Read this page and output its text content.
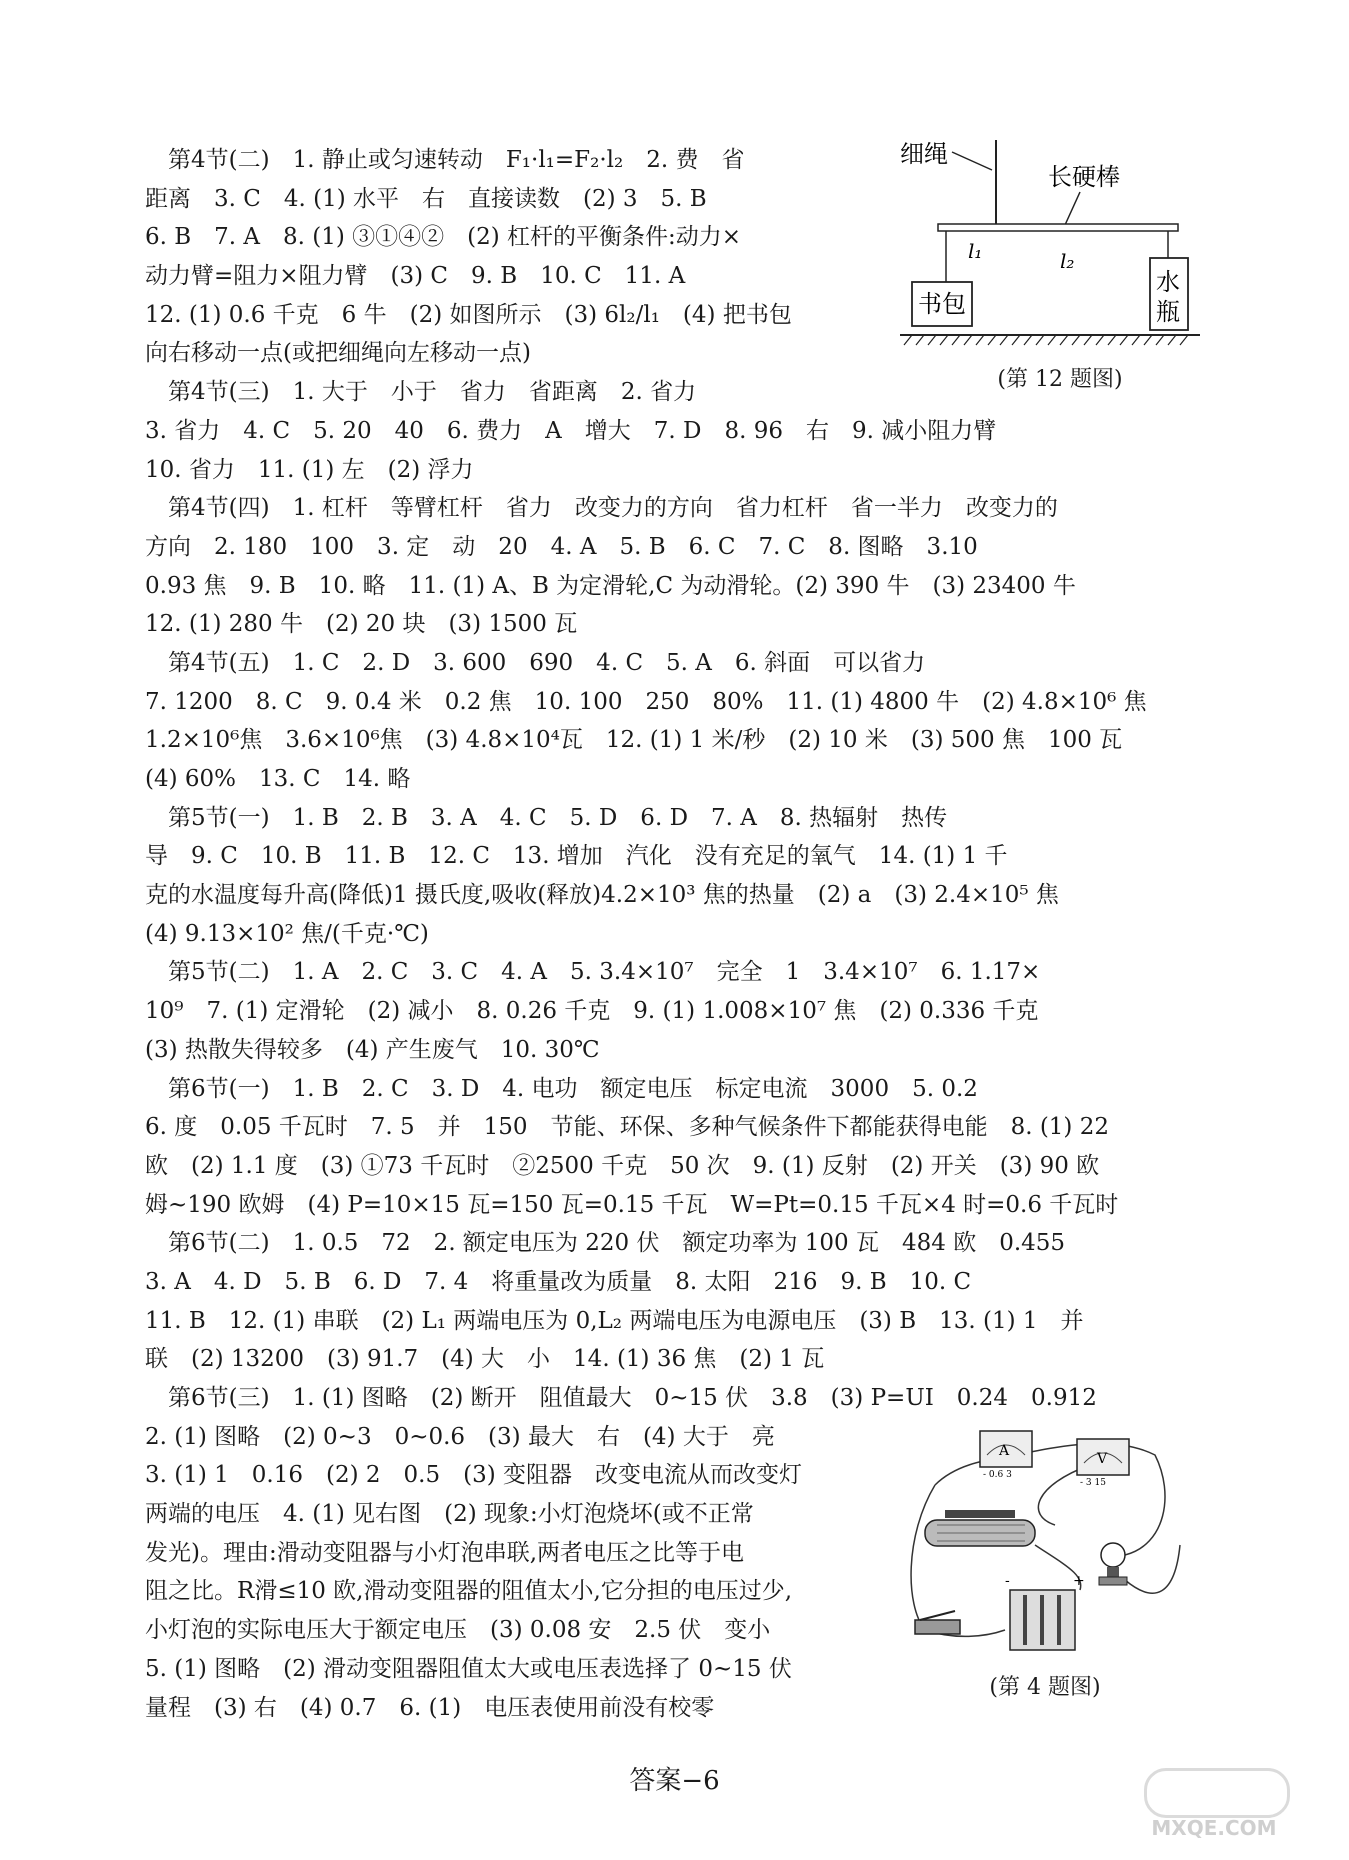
　第4节(二)　1. 静止或匀速转动　F₁·l₁=F₂·l₂　2. 费　省
距离　3. C　4. (1) 水平　右　直接读数　(2) 3　5. B
6. B　7. A　8. (1) ③①④②　(2) 杠杆的平衡条件:动力×
动力臂=阻力×阻力臂　(3) C　9. B　10. C　11. A
12. (1) 0.6 千克　6 牛　(2) 如图所示　(3) 6l₂/l₁　(4) 把书包
向右移动一点(或把细绳向左移动一点)
　第4节(三)　1. 大于　小于　省力　省距离　2. 省力
3. 省力　4. C　5. 20　40　6. 费力　A　增大　7. D　8. 96　右　9. 减小阻力臂
10. 省力　11. (1) 左　(2) 浮力
　第4节(四)　1. 杠杆　等臂杠杆　省力　改变力的方向　省力杠杆　省一半力　改变力的
方向　2. 180　100　3. 定　动　20　4. A　5. B　6. C　7. C　8. 图略　3.10
0.93 焦　9. B　10. 略　11. (1) A、B 为定滑轮,C 为动滑轮。(2) 390 牛　(3) 23400 牛
12. (1) 280 牛　(2) 20 块　(3) 1500 瓦
　第4节(五)　1. C　2. D　3. 600　690　4. C　5. A　6. 斜面　可以省力
7. 1200　8. C　9. 0.4 米　0.2 焦　10. 100　250　80%　11. (1) 4800 牛　(2) 4.8×10⁶ 焦
1.2×10⁶焦　3.6×10⁶焦　(3) 4.8×10⁴瓦　12. (1) 1 米/秒　(2) 10 米　(3) 500 焦　100 瓦
(4) 60%　13. C　14. 略
　第5节(一)　1. B　2. B　3. A　4. C　5. D　6. D　7. A　8. 热辐射　热传
导　9. C　10. B　11. B　12. C　13. 增加　汽化　没有充足的氧气　14. (1) 1 千
克的水温度每升高(降低)1 摄氏度,吸收(释放)4.2×10³ 焦的热量　(2) a　(3) 2.4×10⁵ 焦
(4) 9.13×10² 焦/(千克·℃)
　第5节(二)　1. A　2. C　3. C　4. A　5. 3.4×10⁷　完全　1　3.4×10⁷　6. 1.17×
10⁹　7. (1) 定滑轮　(2) 减小　8. 0.26 千克　9. (1) 1.008×10⁷ 焦　(2) 0.336 千克
(3) 热散失得较多　(4) 产生废气　10. 30℃
　第6节(一)　1. B　2. C　3. D　4. 电功　额定电压　标定电流　3000　5. 0.2
6. 度　0.05 千瓦时　7. 5　并　150　节能、环保、多种气候条件下都能获得电能　8. (1) 22
欧　(2) 1.1 度　(3) ①73 千瓦时　②2500 千克　50 次　9. (1) 反射　(2) 开关　(3) 90 欧
姆~190 欧姆　(4) P=10×15 瓦=150 瓦=0.15 千瓦　W=Pt=0.15 千瓦×4 时=0.6 千瓦时
　第6节(二)　1. 0.5　72　2. 额定电压为 220 伏　额定功率为 100 瓦　484 欧　0.455
3. A　4. D　5. B　6. D　7. 4　将重量改为质量　8. 太阳　216　9. B　10. C
11. B　12. (1) 串联　(2) L₁ 两端电压为 0,L₂ 两端电压为电源电压　(3) B　13. (1) 1　并
联　(2) 13200　(3) 91.7　(4) 大　小　14. (1) 36 焦　(2) 1 瓦
　第6节(三)　1. (1) 图略　(2) 断开　阻值最大　0~15 伏　3.8　(3) P=UI　0.24　0.912
2. (1) 图略　(2) 0~3　0~0.6　(3) 最大　右　(4) 大于　亮
3. (1) 1　0.16　(2) 2　0.5　(3) 变阻器　改变电流从而改变灯
两端的电压　4. (1) 见右图　(2) 现象:小灯泡烧坏(或不正常
发光)。理由:滑动变阻器与小灯泡串联,两者电压之比等于电
阻之比。R滑≤10 欧,滑动变阻器的阻值太小,它分担的电压过少,
小灯泡的实际电压大于额定电压　(3) 0.08 安　2.5 伏　变小
5. (1) 图略　(2) 滑动变阻器阻值太大或电压表选择了 0~15 伏
量程　(3) 右　(4) 0.7　6. (1)　电压表使用前没有校零
细绳
长硬棒
l₁	l₂
书包
水
瓶
(第 12 题图)
A
- 0.6 3
V
- 3 15
-	+
(第 4 题图)
答案−6
MXQE.COM
